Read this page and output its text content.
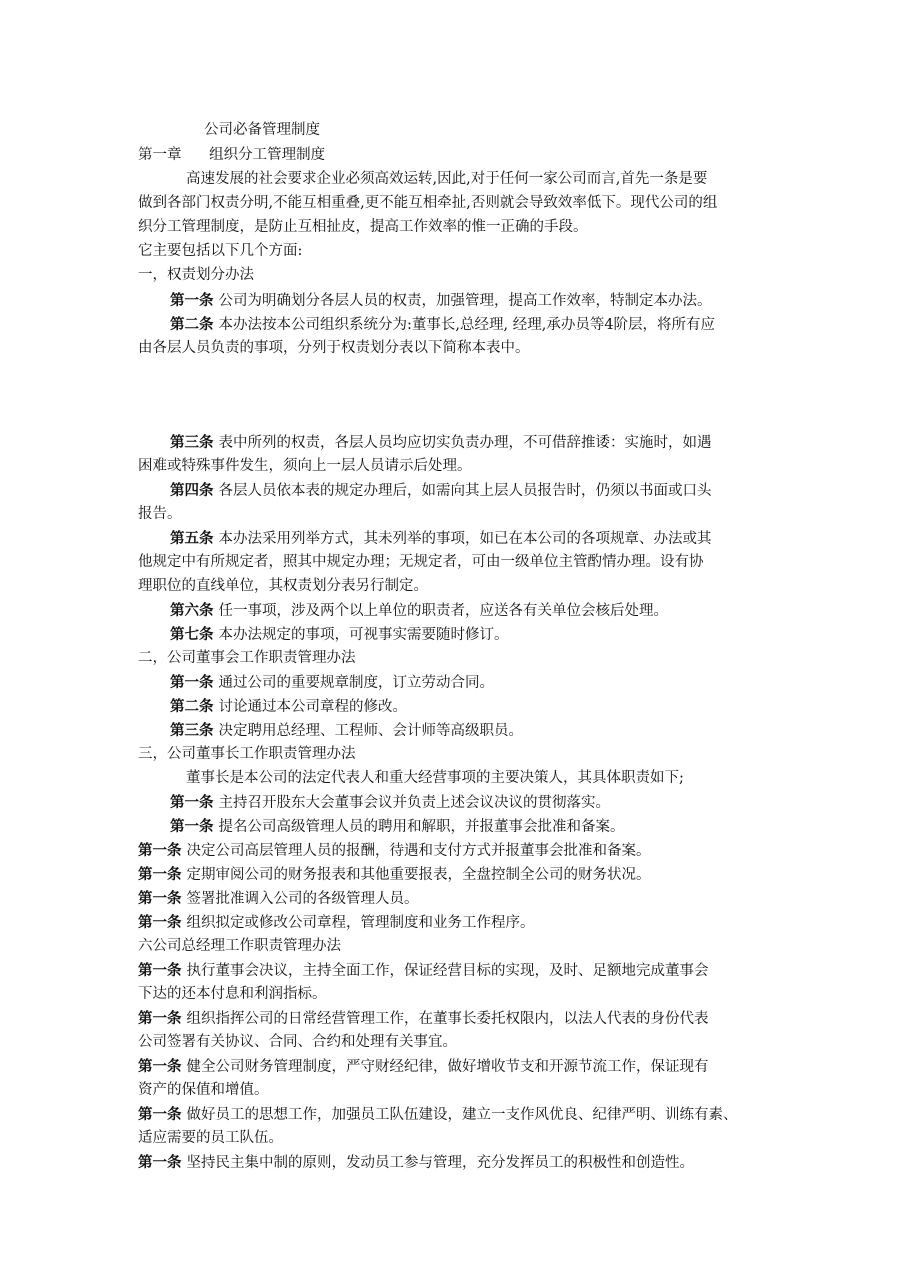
公司必备管理制度
第一章      组织分工管理制度
高速发展的社会要求企业必须高效运转,因此,对于任何一家公司而言,首先一条是要
做到各部门权责分明,不能互相重叠,更不能互相牵扯,否则就会导致效率低下。现代公司的组
织分工管理制度，是防止互相扯皮，提高工作效率的惟一正确的手段。
它主要包括以下几个方面:
一，权责划分办法
第一条 公司为明确划分各层人员的权责，加强管理，提高工作效率，特制定本办法。
第二条 本办法按本公司组织系统分为:董事长,总经理, 经理,承办员等4阶层，将所有应
由各层人员负责的事项，分列于权责划分表以下简称本表中。
第三条 表中所列的权责，各层人员均应切实负责办理，不可借辞推诿：实施时，如遇
困难或特殊事件发生，须向上一层人员请示后处理。
第四条 各层人员依本表的规定办理后，如需向其上层人员报告时，仍须以书面或口头
报告。
第五条 本办法采用列举方式，其未列举的事项，如已在本公司的各项规章、办法或其
他规定中有所规定者，照其中规定办理；无规定者，可由一级单位主管酌情办理。设有协
理职位的直线单位，其权责划分表另行制定。
第六条 任一事项，涉及两个以上单位的职责者，应送各有关单位会核后处理。
第七条 本办法规定的事项，可视事实需要随时修订。
二，公司董事会工作职责管理办法
第一条 通过公司的重要规章制度，订立劳动合同。
第二条 讨论通过本公司章程的修改。
第三条 决定聘用总经理、工程师、会计师等高级职员。
三，公司董事长工作职责管理办法
董事长是本公司的法定代表人和重大经营事项的主要决策人，其具体职责如下;
第一条 主持召开股东大会董事会议并负责上述会议决议的贯彻落实。
第一条 提名公司高级管理人员的聘用和解职，并报董事会批准和备案。
第一条 决定公司高层管理人员的报酬，待遇和支付方式并报董事会批准和备案。
第一条 定期审阅公司的财务报表和其他重要报表，全盘控制全公司的财务状况。
第一条 签署批准调入公司的各级管理人员。
第一条 组织拟定或修改公司章程，管理制度和业务工作程序。
六公司总经理工作职责管理办法
第一条 执行董事会决议，主持全面工作，保证经营目标的实现，及时、足额地完成董事会
下达的还本付息和利润指标。
第一条 组织指挥公司的日常经营管理工作，在董事长委托权限内，以法人代表的身份代表
公司签署有关协议、合同、合约和处理有关事宜。
第一条 健全公司财务管理制度，严守财经纪律，做好增收节支和开源节流工作，保证现有
资产的保值和增值。
第一条 做好员工的思想工作，加强员工队伍建设，建立一支作风优良、纪律严明、训练有素、
适应需要的员工队伍。
第一条 坚持民主集中制的原则，发动员工参与管理，充分发挥员工的积极性和创造性。
